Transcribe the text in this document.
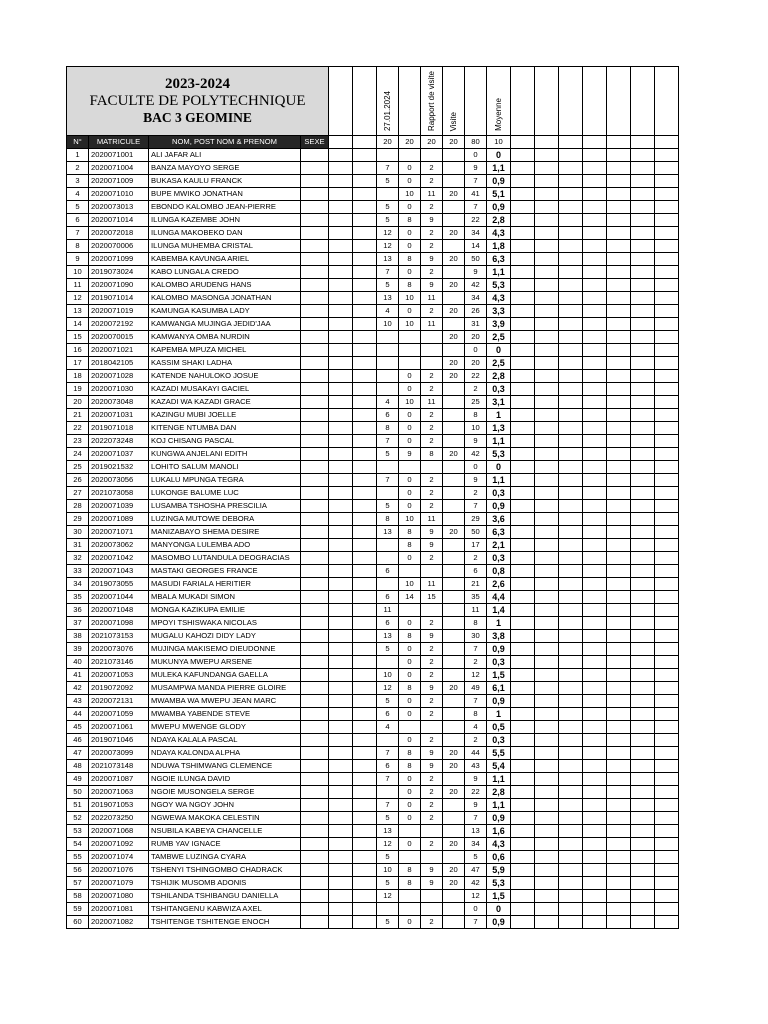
2023-2024
FACULTE DE POLYTECHNIQUE
BAC 3 GEOMINE						27.01.2024		Rapport de visite	Visite		Moyenne							
N°	MATRICULE	NOM, POST NOM & PRENOM	SEXE			20	20	20	20	80	10							
1	2020071001	ALI JAFAR ALI								0	0							
2	2020071004	BANZA MAYOYO SERGE				7	0	2		9	1,1							
3	2020071009	BUKASA KAULU FRANCK				5	0	2		7	0,9							
4	2020071010	BUPE MWIKO JONATHAN					10	11	20	41	5,1							
5	2020073013	EBONDO KALOMBO JEAN-PIERRE				5	0	2		7	0,9							
6	2020071014	ILUNGA KAZEMBE JOHN				5	8	9		22	2,8							
7	2020072018	ILUNGA MAKOBEKO DAN				12	0	2	20	34	4,3							
8	2020070006	ILUNGA MUHEMBA CRISTAL				12	0	2		14	1,8							
9	2020071099	KABEMBA KAVUNGA ARIEL				13	8	9	20	50	6,3							
10	2019073024	KABO LUNGALA CREDO				7	0	2		9	1,1							
11	2020071090	KALOMBO ARUDENG HANS				5	8	9	20	42	5,3							
12	2019071014	KALOMBO MASONGA JONATHAN				13	10	11		34	4,3							
13	2020071019	KAMUNGA KASUMBA LADY				4	0	2	20	26	3,3							
14	2020072192	KAMWANGA MUJINGA JEDID'JAA				10	10	11		31	3,9							
15	2020070015	KAMWANYA OMBA NURDIN							20	20	2,5							
16	2020071021	KAPEMBA MPUZA MICHEL								0	0							
17	2018042105	KASSIM SHAKI LADHA							20	20	2,5							
18	2020071028	KATENDE NAHULOKO JOSUE					0	2	20	22	2,8							
19	2020071030	KAZADI MUSAKAYI GACIEL					0	2		2	0,3							
20	2020073048	KAZADI WA KAZADI GRACE				4	10	11		25	3,1							
21	2020071031	KAZINGU MUBI JOELLE				6	0	2		8	1							
22	2019071018	KITENGE NTUMBA DAN				8	0	2		10	1,3							
23	2022073248	KOJ CHISANG PASCAL				7	0	2		9	1,1							
24	2020071037	KUNGWA ANJELANI EDITH				5	9	8	20	42	5,3							
25	2019021532	LOHITO SALUM MANOLI								0	0							
26	2020073056	LUKALU MPUNGA TEGRA				7	0	2		9	1,1							
27	2021073058	LUKONGE BALUME LUC					0	2		2	0,3							
28	2020071039	LUSAMBA TSHOSHA PRESCILIA				5	0	2		7	0,9							
29	2020071089	LUZINGA MUTOWE DEBORA				8	10	11		29	3,6							
30	2020071071	MANIZABAYO SHEMA DESIRE				13	8	9	20	50	6,3							
31	2020073062	MANYONGA LULEMBA ADO					8	9		17	2,1							
32	2020071042	MASOMBO LUTANDULA DEOGRACIAS					0	2		2	0,3							
33	2020071043	MASTAKI GEORGES FRANCE				6				6	0,8							
34	2019073055	MASUDI FARIALA HERITIER					10	11		21	2,6							
35	2020071044	MBALA MUKADI SIMON				6	14	15		35	4,4							
36	2020071048	MONGA KAZIKUPA EMILIE				11				11	1,4							
37	2020071098	MPOYI TSHISWAKA NICOLAS				6	0	2		8	1							
38	2021073153	MUGALU KAHOZI DIDY LADY				13	8	9		30	3,8							
39	2020073076	MUJINGA MAKISEMO DIEUDONNE				5	0	2		7	0,9							
40	2021073146	MUKUNYA MWEPU ARSENE					0	2		2	0,3							
41	2020071053	MULEKA KAFUNDANGA GAELLA				10	0	2		12	1,5							
42	2019072092	MUSAMPWA MANDA PIERRE GLOIRE				12	8	9	20	49	6,1							
43	2020072131	MWAMBA WA MWEPU JEAN MARC				5	0	2		7	0,9							
44	2020071059	MWAMBA YABENDE STEVE				6	0	2		8	1							
45	2020071061	MWEPU MWENGE GLODY				4				4	0,5							
46	2019071046	NDAYA KALALA PASCAL					0	2		2	0,3							
47	2020073099	NDAYA KALONDA ALPHA				7	8	9	20	44	5,5							
48	2021073148	NDUWA TSHIMWANG CLEMENCE				6	8	9	20	43	5,4							
49	2020071087	NGOIE ILUNGA DAVID				7	0	2		9	1,1							
50	2020071063	NGOIE MUSONGELA SERGE					0	2	20	22	2,8							
51	2019071053	NGOY WA NGOY JOHN				7	0	2		9	1,1							
52	2022073250	NGWEWA MAKOKA CELESTIN				5	0	2		7	0,9							
53	2020071068	NSUBILA KABEYA CHANCELLE				13				13	1,6							
54	2020071092	RUMB YAV IGNACE				12	0	2	20	34	4,3							
55	2020071074	TAMBWE LUZINGA CYARA				5				5	0,6							
56	2020071076	TSHENYI TSHINGOMBO CHADRACK				10	8	9	20	47	5,9							
57	2020071079	TSHIJIK MUSOMB ADONIS				5	8	9	20	42	5,3							
58	2020071080	TSHILANDA TSHIBANGU DANIELLA				12				12	1,5							
59	2020071081	TSHITANGENU KABWIZA AXEL								0	0							
60	2020071082	TSHITENGE TSHITENGE ENOCH				5	0	2		7	0,9							
